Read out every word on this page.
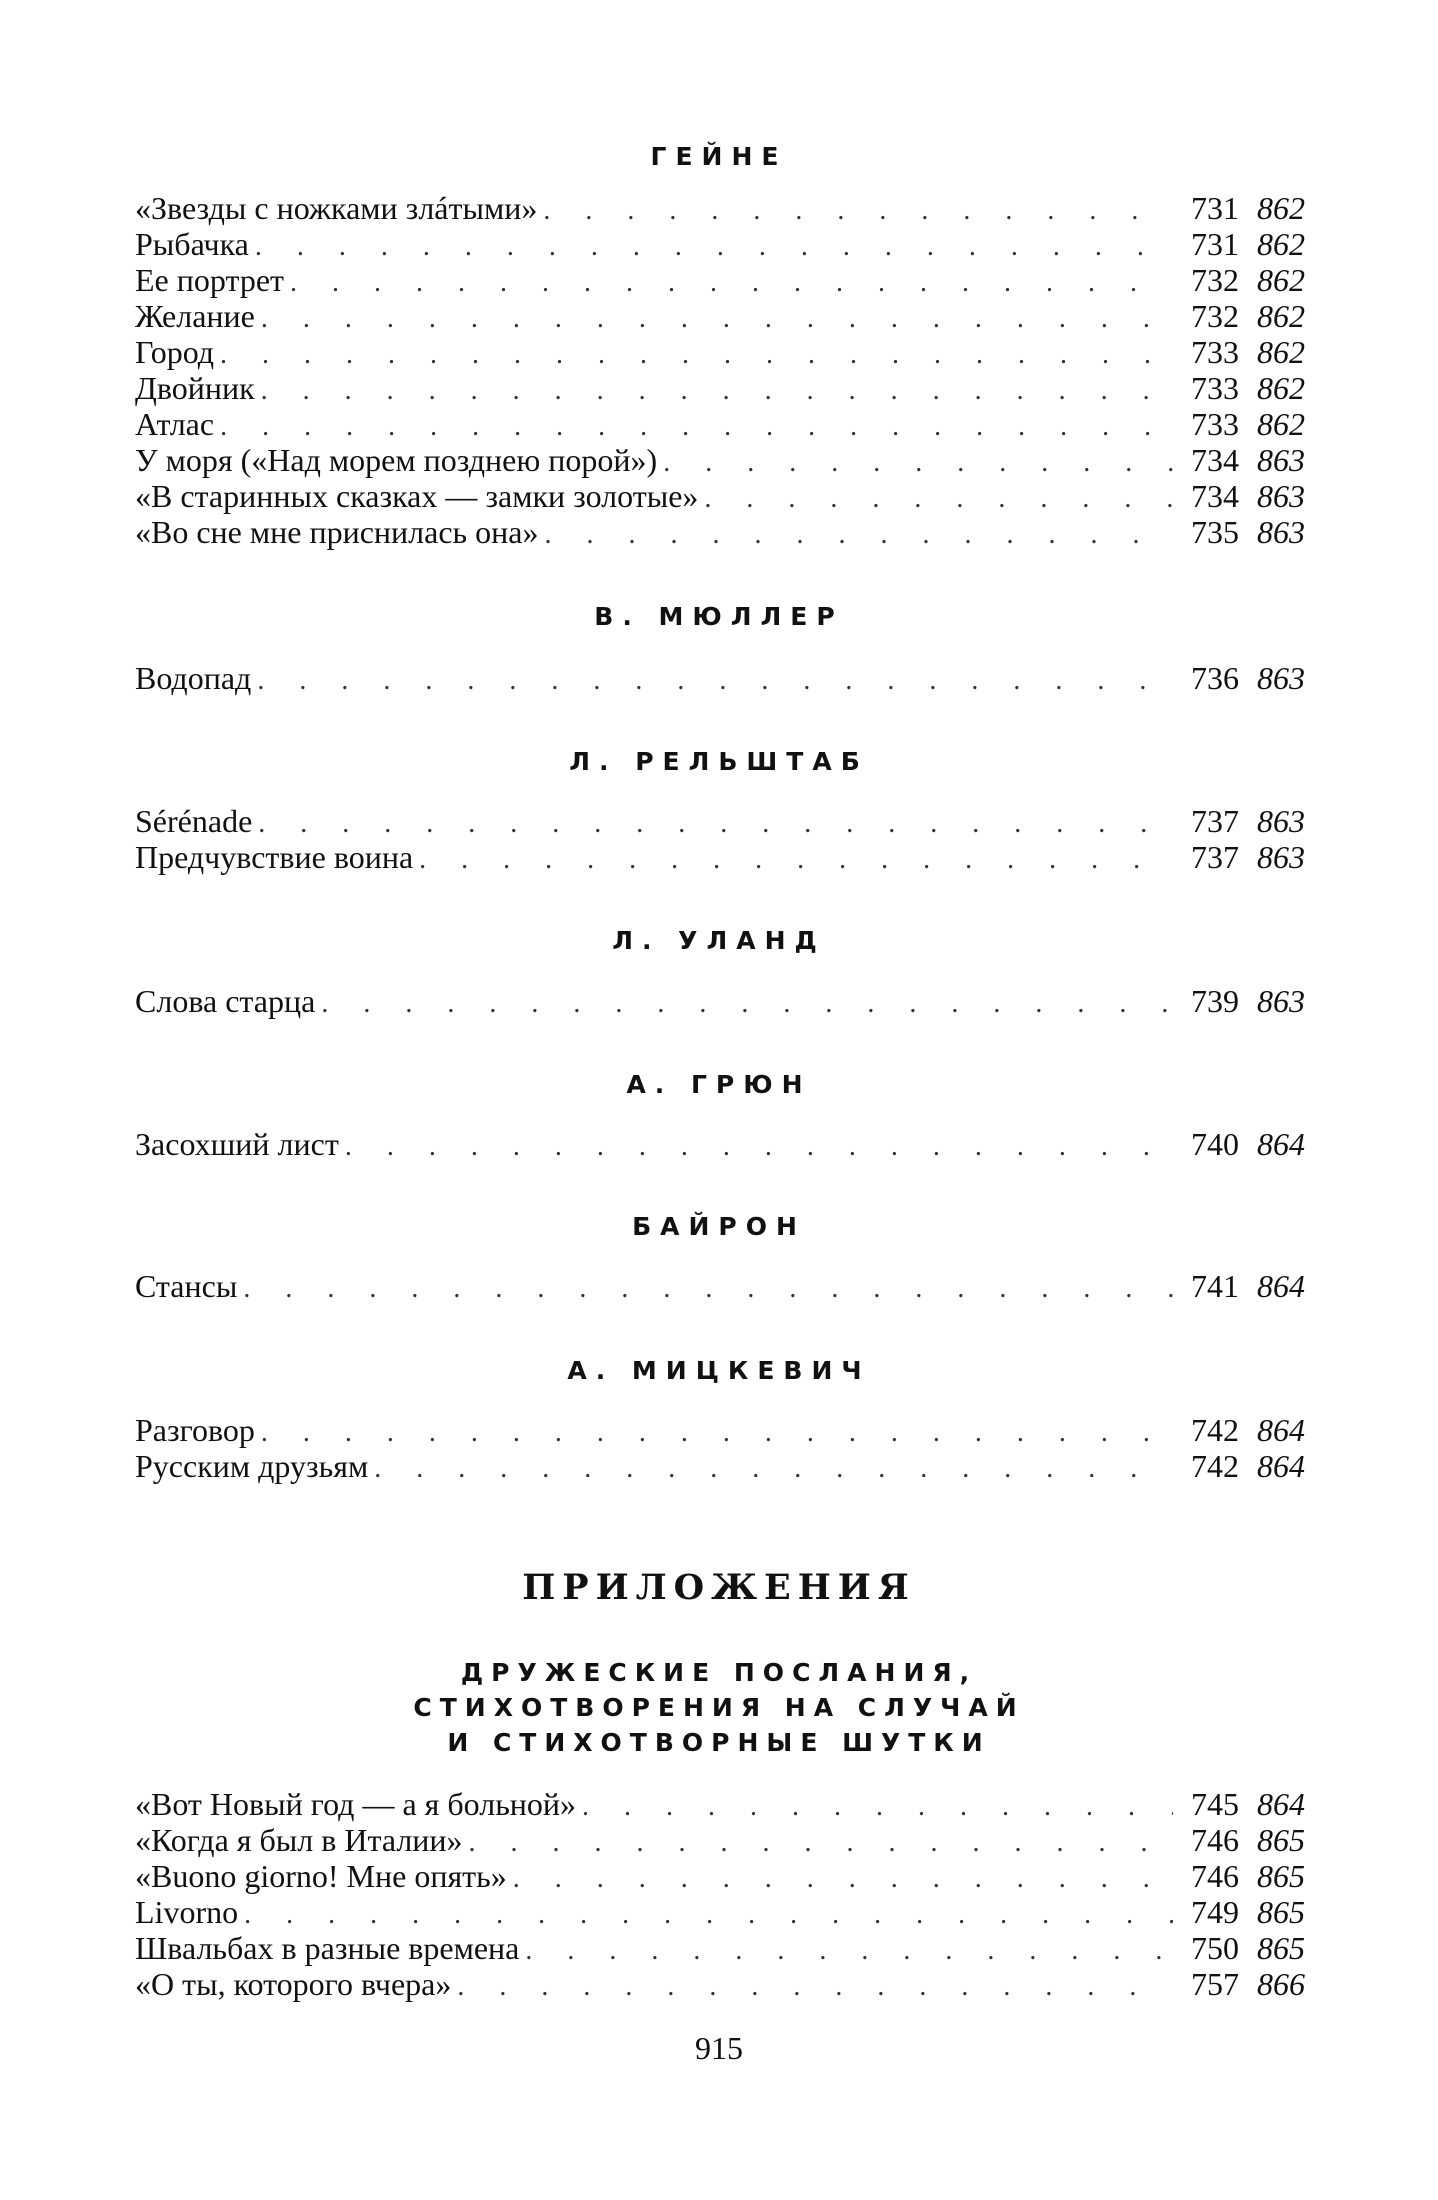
ГЕЙНЕ
«Звезды с ножками злáтыми» . . .	731 862
Рыбачка . . .	731 862
Ее портрет . . .	732 862
Желание . . .	732 862
Город . . .	733 862
Двойник . . .	733 862
Атлас . . .	733 862
У моря («Над морем позднею порой») . . .	734 863
«В старинных сказках — замки золотые» . . .	734 863
«Во сне мне приснилась она» . . .	735 863
В. МЮЛЛЕР
Водопад . . .	736 863
Л. РЕЛЬШТАБ
Sérénade . . .	737 863
Предчувствие воина . . .	737 863
Л. УЛАНД
Слова старца . . .	739 863
А. ГРЮН
Засохший лист . . .	740 864
БАЙРОН
Стансы . . .	741 864
А. МИЦКЕВИЧ
Разговор . . .	742 864
Русским друзьям . . .	742 864
ПРИЛОЖЕНИЯ
ДРУЖЕСКИЕ ПОСЛАНИЯ,
СТИХОТВОРЕНИЯ НА СЛУЧАЙ
И СТИХОТВОРНЫЕ ШУТКИ
«Вот Новый год — а я больной» . . .	745 864
«Когда я был в Италии» . . .	746 865
«Buono giorno! Мне опять» . . .	746 865
Livorno . . .	749 865
Швальбах в разные времена . . .	750 865
«О ты, которого вчера» . . .	757 866
915
